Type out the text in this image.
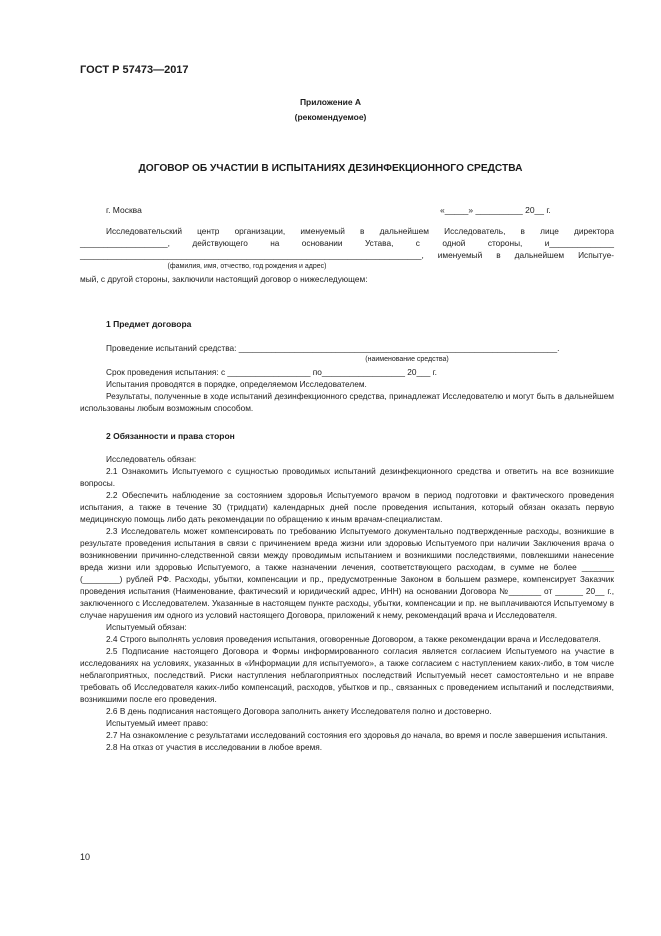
ГОСТ Р 57473—2017
Приложение А
(рекомендуемое)
ДОГОВОР ОБ УЧАСТИИ В ИСПЫТАНИЯХ ДЕЗИНФЕКЦИОННОГО СРЕДСТВА
г. Москва	«_____» __________ 20__ г.

Исследовательский центр организации, именуемый в дальнейшем Исследователь, в лице директора

___________________, действующего на основании Устава, с одной стороны, и______________

__________________________________________________________________________, именуемый в дальнейшем Испытуе-

(фамилия, имя, отчество, год рождения и адрес)

мый, с другой стороны, заключили настоящий договор о нижеследующем:

1 Предмет договора

Проведение испытаний средства: _____________________________________________________________________.

(наименование средства)

Срок проведения испытания: с __________________ по__________________ 20___ г.

Испытания проводятся в порядке, определяемом Исследователем.

Результаты, полученные в ходе испытаний дезинфекционного средства, принадлежат Исследователю и могут быть в дальнейшем использованы любым возможным способом.

2 Обязанности и права сторон

Исследователь обязан:

2.1 Ознакомить Испытуемого с сущностью проводимых испытаний дезинфекционного средства и ответить на все возникшие вопросы.

2.2 Обеспечить наблюдение за состоянием здоровья Испытуемого врачом в период подготовки и фактического проведения испытания, а также в течение 30 (тридцати) календарных дней после проведения испытания, который обязан оказать первую медицинскую помощь либо дать рекомендации по обращению к иным врачам-специалистам.

2.3 Исследователь может компенсировать по требованию Испытуемого документально подтвержденные расходы, возникшие в результате проведения испытания в связи с причинением вреда жизни или здоровью Испытуемого при наличии Заключения врача о возникновении причинно-следственной связи между проводимым испытанием и возникшими последствиями, повлекшими нанесение вреда жизни или здоровью Испытуемого, а также назначении лечения, соответствующего расходам, в сумме не более _______ (________) рублей РФ. Расходы, убытки, компенсации и пр., предусмотренные Законом в большем размере, компенсирует Заказчик проведения испытания (Наименование, фактический и юридический адрес, ИНН) на основании Договора №_______ от ______ 20__ г., заключенного с Исследователем. Указанные в настоящем пункте расходы, убытки, компенсации и пр. не выплачиваются Испытуемому в случае нарушения им одного из условий настоящего Договора, приложений к нему, рекомендаций врача и Исследователя.

Испытуемый обязан:

2.4 Строго выполнять условия проведения испытания, оговоренные Договором, а также рекомендации врача и Исследователя.

2.5 Подписание настоящего Договора и Формы информированного согласия является согласием Испытуемого на участие в исследованиях на условиях, указанных в «Информации для испытуемого», а также согласием с наступлением каких-либо, в том числе неблагоприятных, последствий. Риски наступления неблагоприятных последствий Испытуемый несет самостоятельно и не вправе требовать об Исследователя каких-либо компенсаций, расходов, убытков и пр., связанных с проведением испытаний и последствиями, возникшими после его проведения.

2.6 В день подписания настоящего Договора заполнить анкету Исследователя полно и достоверно.

Испытуемый имеет право:

2.7 На ознакомление с результатами исследований состояния его здоровья до начала, во время и после завершения испытания.

2.8 На отказ от участия в исследовании в любое время.

10
